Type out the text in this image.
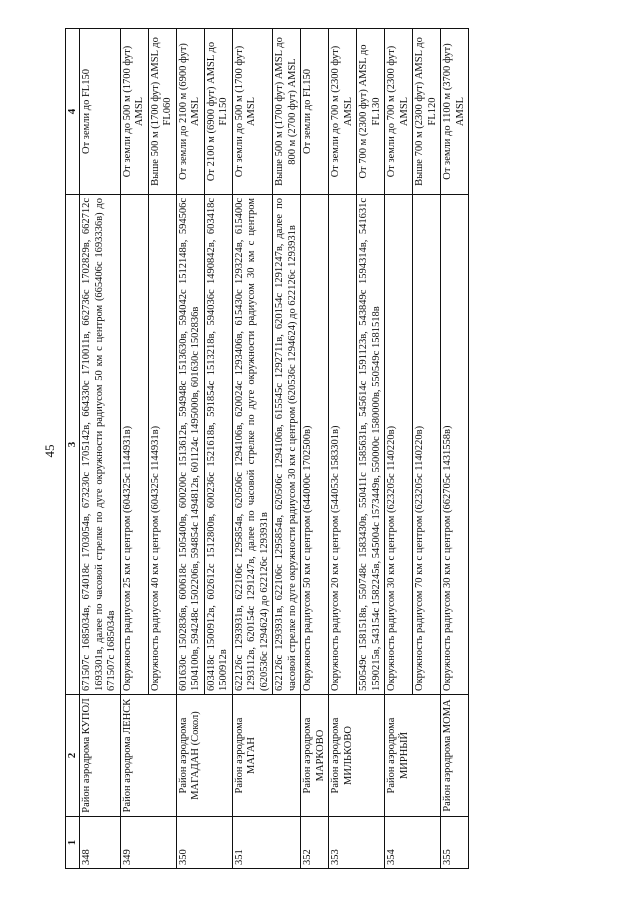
45
1	2	3	4
348	Район аэродрома КУПОЛ	671507с 1685034в, 674018с 1703054в, 673230с 1705142в, 664330с 1710011в, 662736с 1702829в, 662712с 1693301в, далее по часовой стрелке по дуге окружности радиусом 50 км с центром (665406с 1693336в) до 671507с 1685034в	От земли до FL150
349	Район аэродрома ЛЕНСК	Окружность радиусом 25 км с центром (604325с 1144931в)	От земли до 500 м (1700 фут) AMSL
		Окружность радиусом 40 км с центром (604325с 1144931в)	Выше 500 м (1700 фут) AMSL до FL060
350	Район аэродрома МАГАДАН (Сокол)	601630с 1502836в, 600618с 1505400в, 600200с 1513612в, 594948с 1513630в, 594042с 1512148в, 594506с 1504100в, 594248с 1502206в, 594854с 1494812в, 601124с 1495000в, 601630с 1502836в	От земли до 2100 м (6900 фут) AMSL
		603418с 1500912в, 602612с 1512800в, 600236с 1521618в, 591854с 1513218в, 594036с 1490842в, 603418с 1500912в	От 2100 м (6900 фут) AMSL до FL150
351	Район аэродрома МАГАН	622126с 1293931в, 622106с 1295854в, 620506с 1294106в, 620024с 1293406в, 615430с 1293224в, 615400с 1293112в, 620154с 1291247в, далее по часовой стрелке по дуге окружности радиусом 30 км с центром (620536с 1294624) до 622126с 1293931в	От земли до 500 м (1700 фут) AMSL
		622126с 1293931в, 622106с 1295854в, 620506с 1294106в, 615545с 1292711в, 620154с 1291247в, далее по часовой стрелке по дуге окружности радиусом 30 км с центром (620536с 1294624) до 622126с 1293931в	Выше 500 м (1700 фут) AMSL до 800 м (2700 фут) AMSL
352	Район аэродрома МАРКОВО	Окружность радиусом 50 км с центром (644000с 1702500в)	От земли до FL150
353	Район аэродрома МИЛЬКОВО	Окружность радиусом 20 км с центром (544053с 1583301в)	От земли до 700 м (2300 фут) AMSL
		550549с 1581518в, 550748с 1583430в, 550411с 1585631в, 545614с 1591123в, 543849с 1594314в, 541631с 1590215в, 543154с 1582245в, 545004с 1573449в, 550000с 1580000в, 550549с 1581518в	От 700 м (2300 фут) AMSL до FL130
354	Район аэродрома МИРНЫЙ	Окружность радиусом 30 км с центром (623205с 1140220в)	От земли до 700 м (2300 фут) AMSL
		Окружность радиусом 70 км с центром (623205с 1140220в)	Выше 700 м (2300 фут) AMSL до FL120
355	Район аэродрома МОМА	Окружность радиусом 30 км с центром (662705с 1431558в)	От земли до 1100 м (3700 фут) AMSL
